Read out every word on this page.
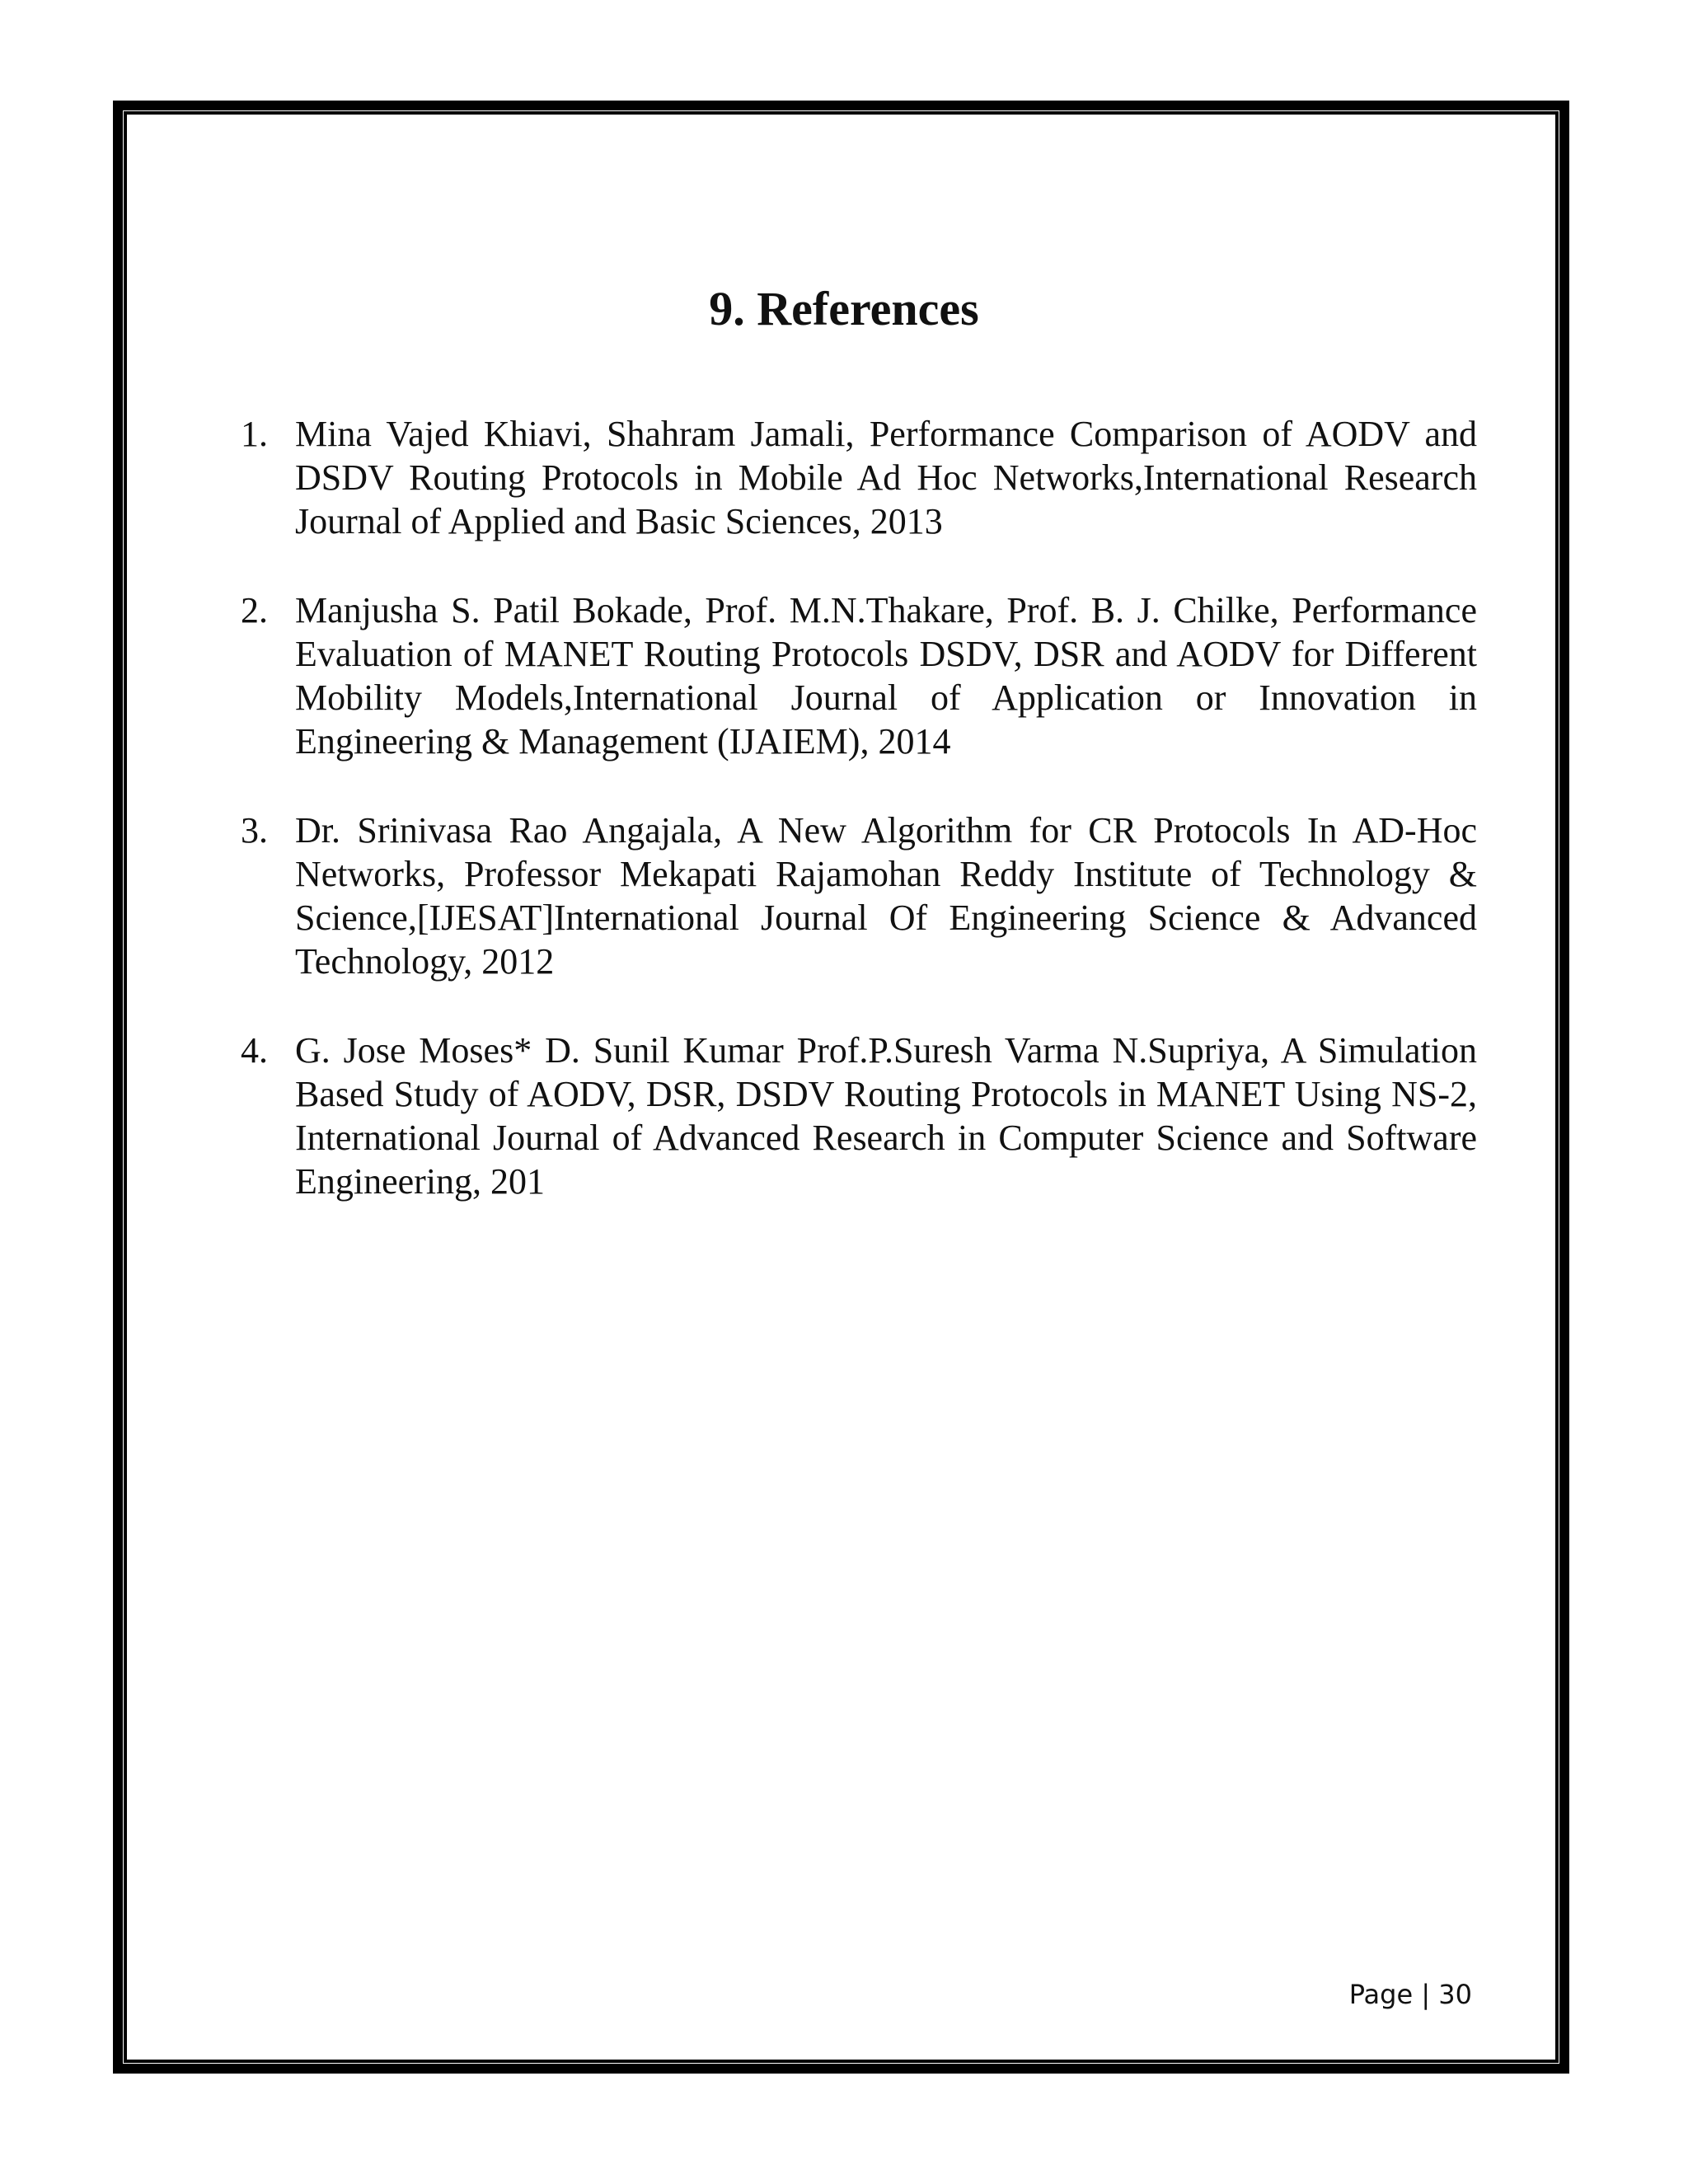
9. References
1. Mina Vajed Khiavi, Shahram Jamali, Performance Comparison of AODV and DSDV Routing Protocols in Mobile Ad Hoc Networks,International Research Journal of Applied and Basic Sciences, 2013
2. Manjusha S. Patil Bokade, Prof. M.N.Thakare, Prof. B. J. Chilke, Performance Evaluation of MANET Routing Protocols DSDV, DSR and AODV for Different Mobility Models,International Journal of Application or Innovation in Engineering & Management (IJAIEM), 2014
3. Dr. Srinivasa Rao Angajala, A New Algorithm for CR Protocols In AD-Hoc Networks, Professor Mekapati Rajamohan Reddy Institute of Technology & Science,[IJESAT]International Journal Of Engineering Science & Advanced Technology, 2012
4. G. Jose Moses* D. Sunil Kumar Prof.P.Suresh Varma N.Supriya, A Simulation Based Study of AODV, DSR, DSDV Routing Protocols in MANET Using NS-2, International Journal of Advanced Research in Computer Science and Software Engineering, 201
Page | 30
